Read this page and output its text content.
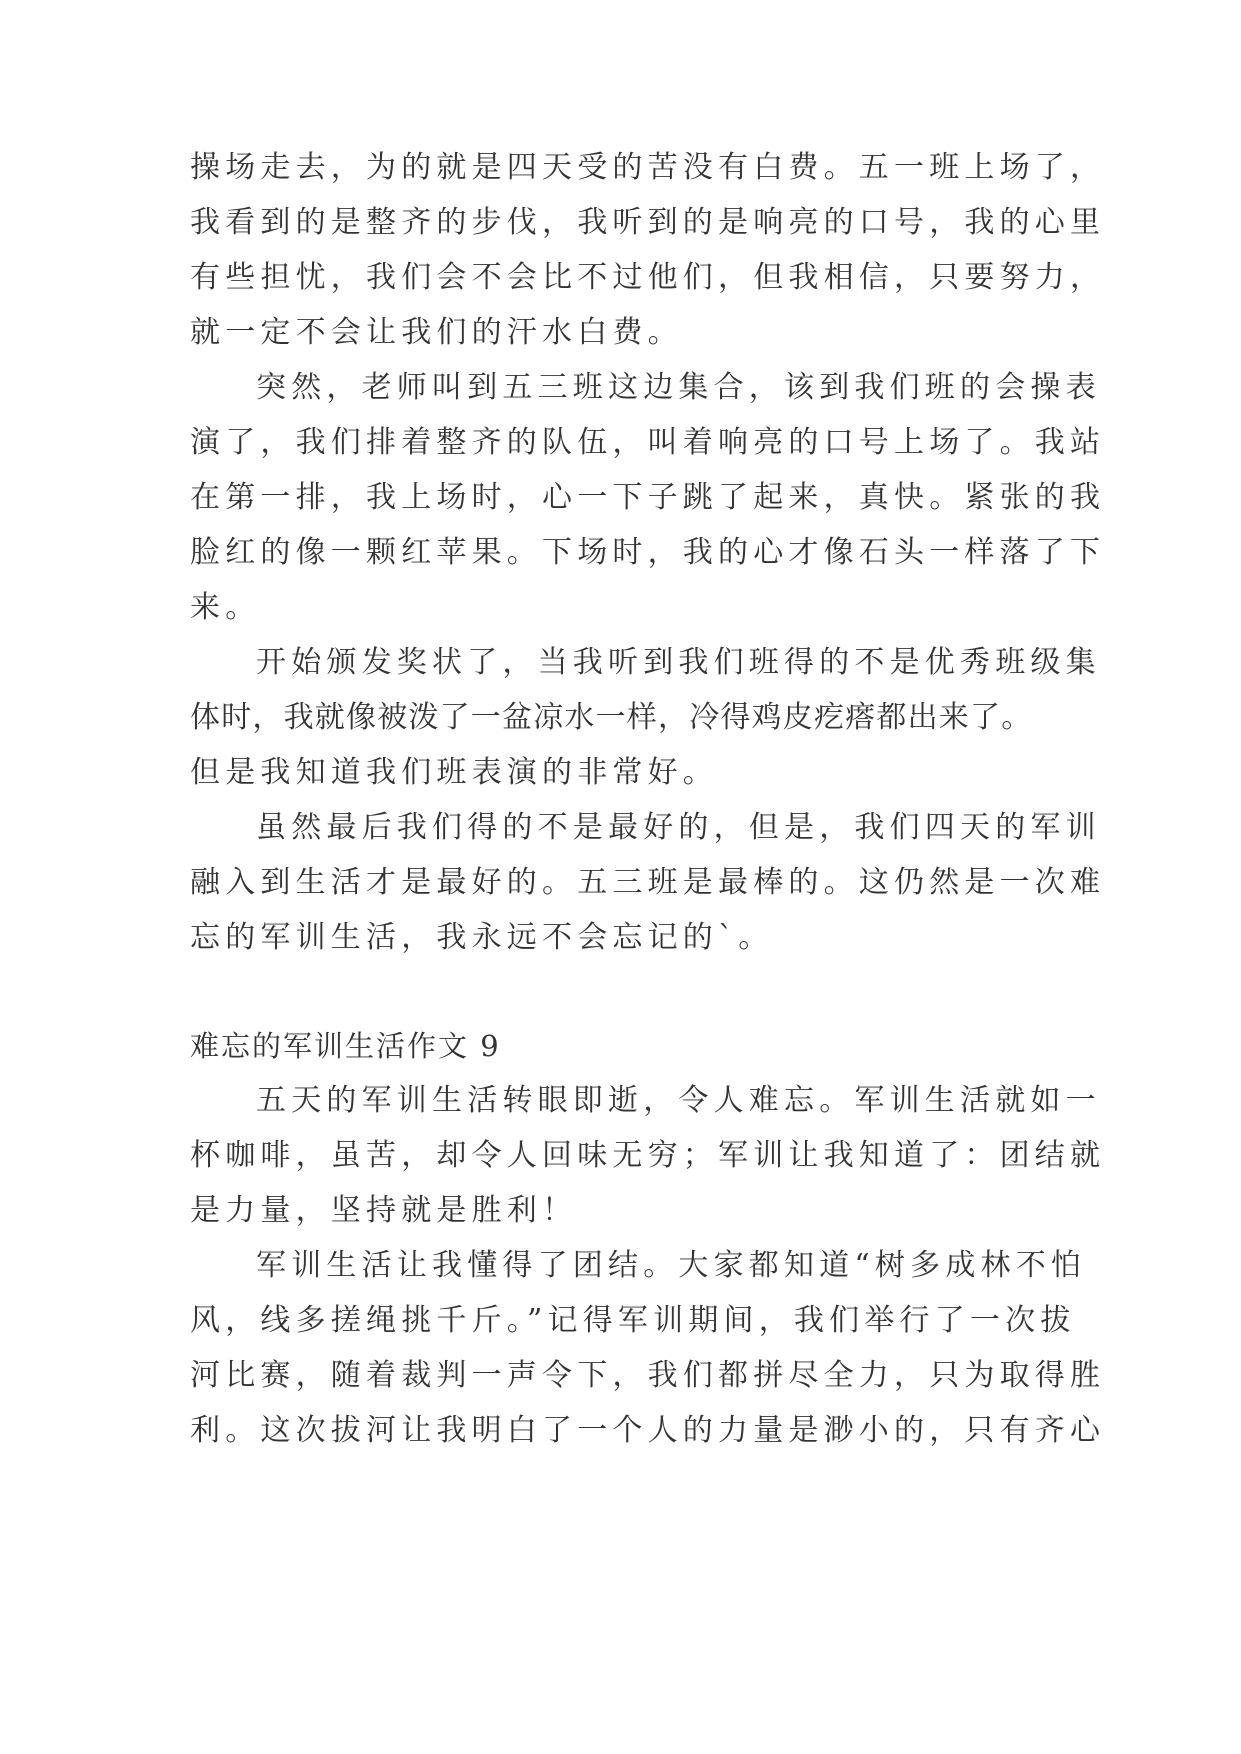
操场走去，为的就是四天受的苦没有白费。五一班上场了，

我看到的是整齐的步伐，我听到的是响亮的口号，我的心里

有些担忧，我们会不会比不过他们，但我相信，只要努力，

就一定不会让我们的汗水白费。

突然，老师叫到五三班这边集合，该到我们班的会操表

演了，我们排着整齐的队伍，叫着响亮的口号上场了。我站

在第一排，我上场时，心一下子跳了起来，真快。紧张的我

脸红的像一颗红苹果。下场时，我的心才像石头一样落了下

来。

开始颁发奖状了，当我听到我们班得的不是优秀班级集

体时，我就像被泼了一盆凉水一样，冷得鸡皮疙瘩都出来了。

但是我知道我们班表演的非常好。

虽然最后我们得的不是最好的，但是，我们四天的军训

融入到生活才是最好的。五三班是最棒的。这仍然是一次难

忘的军训生活，我永远不会忘记的`。

难忘的军训生活作文 9

五天的军训生活转眼即逝，令人难忘。军训生活就如一

杯咖啡，虽苦，却令人回味无穷；军训让我知道了：团结就

是力量，坚持就是胜利！

军训生活让我懂得了团结。大家都知道“树多成林不怕

风，线多搓绳挑千斤。”记得军训期间，我们举行了一次拔

河比赛，随着裁判一声令下，我们都拼尽全力，只为取得胜

利。这次拔河让我明白了一个人的力量是渺小的，只有齐心
